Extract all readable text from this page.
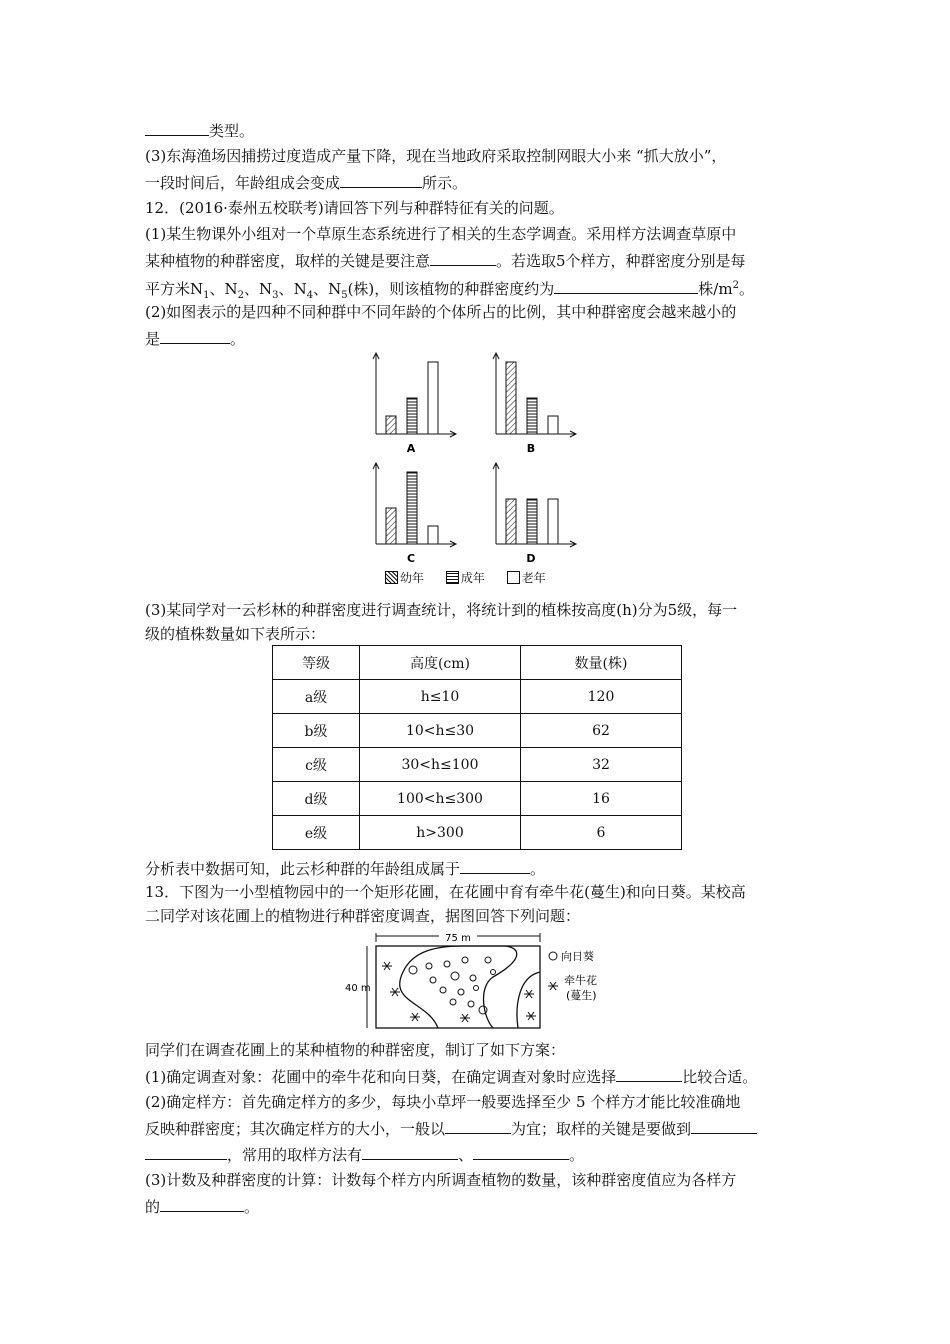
类型。
(3)东海渔场因捕捞过度造成产量下降，现在当地政府采取控制网眼大小来 “抓大放小”，
一段时间后，年龄组成会变成	所示。
12．(2016·泰州五校联考)请回答下列与种群特征有关的问题。
(1)某生物课外小组对一个草原生态系统进行了相关的生态学调查。采用样方法调查草原中
某种植物的种群密度，取样的关键是要注意	。若选取5个样方，种群密度分别是每
平方米$N_1$、$N_2$、$N_3$、$N_4$、$N_5$(株)，则该植物的种群密度约为	株$/m^2$。
(2)如图表示的是四种不同种群中不同年龄的个体所占的比例，其中种群密度会越来越小的
是	。
A	B
C	D
幼年	成年	老年
(3)某同学对一云杉林的种群密度进行调查统计，将统计到的植株按高度(h)分为5级，每一
级的植株数量如下表所示：
等级	高度(cm)	数量(株)
a级	h≤10	120
b级	10<h≤30	62
c级	30<h≤100	32
d级	100<h≤300	16
e级	h>300	6
分析表中数据可知，此云杉种群的年龄组成属于	。
13．下图为一小型植物园中的一个矩形花圃，在花圃中育有牵牛花(蔓生)和向日葵。某校高
二同学对该花圃上的植物进行种群密度调查，据图回答下列问题：
75 m
40 m
向日葵
牵牛花
(蔓生)
同学们在调查花圃上的某种植物的种群密度，制订了如下方案：
(1)确定调查对象：花圃中的牵牛花和向日葵，在确定调查对象时应选择	比较合适。
(2)确定样方：首先确定样方的多少，每块小草坪一般要选择至少 5 个样方才能比较准确地
反映种群密度；其次确定样方的大小，一般以	为宜；取样的关键是要做到
，常用的取样方法有	、	。
(3)计数及种群密度的计算：计数每个样方内所调查植物的数量，该种群密度值应为各样方
的	。
